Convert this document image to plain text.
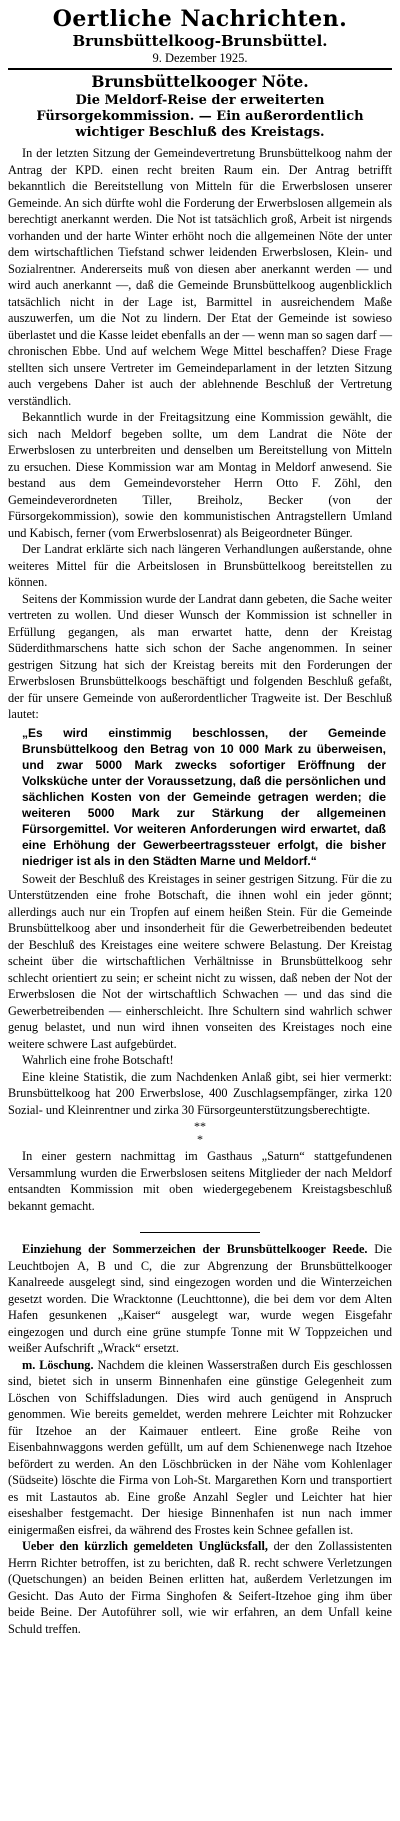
Oertliche Nachrichten.
Brunsbüttelkoog-Brunsbüttel.
9. Dezember 1925.
Brunsbüttelkooger Nöte.
Die Meldorf-Reise der erweiterten Fürsorgekommission. — Ein außerordentlich wichtiger Beschluß des Kreistags.

In der letzten Sitzung der Gemeindevertretung Brunsbüttelkoog nahm der Antrag der KPD. einen recht breiten Raum ein. Der Antrag betrifft bekanntlich die Bereitstellung von Mitteln für die Erwerbslosen unserer Gemeinde. An sich dürfte wohl die Forderung der Erwerbslosen allgemein als berechtigt anerkannt werden. Die Not ist tatsächlich groß, Arbeit ist nirgends vorhanden und der harte Winter erhöht noch die allgemeinen Nöte der unter dem wirtschaftlichen Tiefstand schwer leidenden Erwerbslosen, Klein- und Sozialrentner. Andererseits muß von diesen aber anerkannt werden — und wird auch anerkannt —, daß die Gemeinde Brunsbüttelkoog augenblicklich tatsächlich nicht in der Lage ist, Barmittel in ausreichendem Maße auszuwerfen, um die Not zu lindern. Der Etat der Gemeinde ist sowieso überlastet und die Kasse leidet ebenfalls an der — wenn man so sagen darf — chronischen Ebbe. Und auf welchem Wege Mittel beschaffen? Diese Frage stellten sich unsere Vertreter im Gemeindeparlament in der letzten Sitzung auch vergebens Daher ist auch der ablehnende Beschluß der Vertretung verständlich.

Bekanntlich wurde in der Freitagsitzung eine Kommission gewählt, die sich nach Meldorf begeben sollte, um dem Landrat die Nöte der Erwerbslosen zu unterbreiten und denselben um Bereitstellung von Mitteln zu ersuchen. Diese Kommission war am Montag in Meldorf anwesend. Sie bestand aus dem Gemeindevorsteher Herrn Otto F. Zöhl, den Gemeindeverordneten Tiller, Breiholz, Becker (von der Fürsorgekommission), sowie den kommunistischen Antragstellern Umland und Kabisch, ferner (vom Erwerbslosenrat) als Beigeordneter Bünger.

Der Landrat erklärte sich nach längeren Verhandlungen außerstande, ohne weiteres Mittel für die Arbeitslosen in Brunsbüttelkoog bereitstellen zu können.

Seitens der Kommission wurde der Landrat dann gebeten, die Sache weiter vertreten zu wollen. Und dieser Wunsch der Kommission ist schneller in Erfüllung gegangen, als man erwartet hatte, denn der Kreistag Süderdithmarschens hatte sich schon der Sache angenommen. In seiner gestrigen Sitzung hat sich der Kreistag bereits mit den Forderungen der Erwerbslosen Brunsbüttelkoogs beschäftigt und folgenden Beschluß gefaßt, der für unsere Gemeinde von außerordentlicher Tragweite ist. Der Beschluß lautet:

„Es wird einstimmig beschlossen, der Gemeinde Brunsbüttelkoog den Betrag von 10 000 Mark zu überweisen, und zwar 5000 Mark zwecks sofortiger Eröffnung der Volksküche unter der Voraussetzung, daß die persönlichen und sächlichen Kosten von der Gemeinde getragen werden; die weiteren 5000 Mark zur Stärkung der allgemeinen Fürsorgemittel. Vor weiteren Anforderungen wird erwartet, daß eine Erhöhung der Gewerbeertragssteuer erfolgt, die bisher niedriger ist als in den Städten Marne und Meldorf.“

Soweit der Beschluß des Kreistages in seiner gestrigen Sitzung. Für die zu Unterstützenden eine frohe Botschaft, die ihnen wohl ein jeder gönnt; allerdings auch nur ein Tropfen auf einem heißen Stein. Für die Gemeinde Brunsbüttelkoog aber und insonderheit für die Gewerbetreibenden bedeutet der Beschluß des Kreistages eine weitere schwere Belastung. Der Kreistag scheint über die wirtschaftlichen Verhältnisse in Brunsbüttelkoog sehr schlecht orientiert zu sein; er scheint nicht zu wissen, daß neben der Not der Erwerbslosen die Not der wirtschaftlich Schwachen — und das sind die Gewerbetreibenden — einherschleicht. Ihre Schultern sind wahrlich schwer genug belastet, und nun wird ihnen vonseiten des Kreistages noch eine weitere schwere Last aufgebürdet.

Wahrlich eine frohe Botschaft!

Eine kleine Statistik, die zum Nachdenken Anlaß gibt, sei hier vermerkt: Brunsbüttelkoog hat 200 Erwerbslose, 400 Zuschlagsempfänger, zirka 120 Sozial- und Kleinrentner und zirka 30 Fürsorgeunterstützungsberechtigte.

**
*

In einer gestern nachmittag im Gasthaus „Saturn“ stattgefundenen Versammlung wurden die Erwerbslosen seitens Mitglieder der nach Meldorf entsandten Kommission mit oben wiedergegebenem Kreistagsbeschluß bekannt gemacht.

Einziehung der Sommerzeichen der Brunsbüttelkooger Reede. Die Leuchtbojen A, B und C, die zur Abgrenzung der Brunsbüttelkooger Kanalreede ausgelegt sind, sind eingezogen worden und die Winterzeichen gesetzt worden. Die Wracktonne (Leuchttonne), die bei dem vor dem Alten Hafen gesunkenen „Kaiser“ ausgelegt war, wurde wegen Eisgefahr eingezogen und durch eine grüne stumpfe Tonne mit W Toppzeichen und weißer Aufschrift „Wrack“ ersetzt.

m. Löschung. Nachdem die kleinen Wasserstraßen durch Eis geschlossen sind, bietet sich in unserm Binnenhafen eine günstige Gelegenheit zum Löschen von Schiffsladungen. Dies wird auch genügend in Anspruch genommen. Wie bereits gemeldet, werden mehrere Leichter mit Rohzucker für Itzehoe an der Kaimauer entleert. Eine große Reihe von Eisenbahnwaggons werden gefüllt, um auf dem Schienenwege nach Itzehoe befördert zu werden. An den Löschbrücken in der Nähe vom Kohlenlager (Südseite) löschte die Firma von Loh-St. Margarethen Korn und transportiert es mit Lastautos ab. Eine große Anzahl Segler und Leichter hat hier eiseshalber festgemacht. Der hiesige Binnenhafen ist nun nach immer einigermaßen eisfrei, da während des Frostes kein Schnee gefallen ist.

Ueber den kürzlich gemeldeten Unglücksfall, der den Zollassistenten Herrn Richter betroffen, ist zu berichten, daß R. recht schwere Verletzungen (Quetschungen) an beiden Beinen erlitten hat, außerdem Verletzungen im Gesicht. Das Auto der Firma Singhofen & Seifert-Itzehoe ging ihm über beide Beine. Der Autoführer soll, wie wir erfahren, an dem Unfall keine Schuld treffen.
